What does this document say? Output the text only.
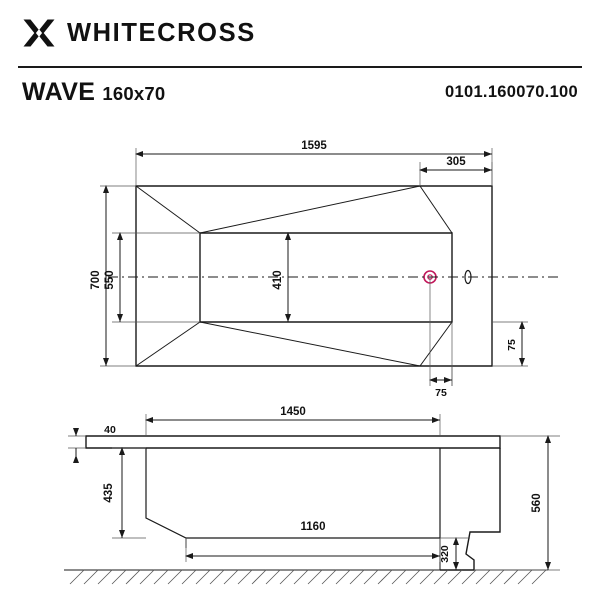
WHITECROSS
WAVE 160x70	0101.160070.100
1595
305
700 550	410
75
75
1450
40
435
1160
320
560
